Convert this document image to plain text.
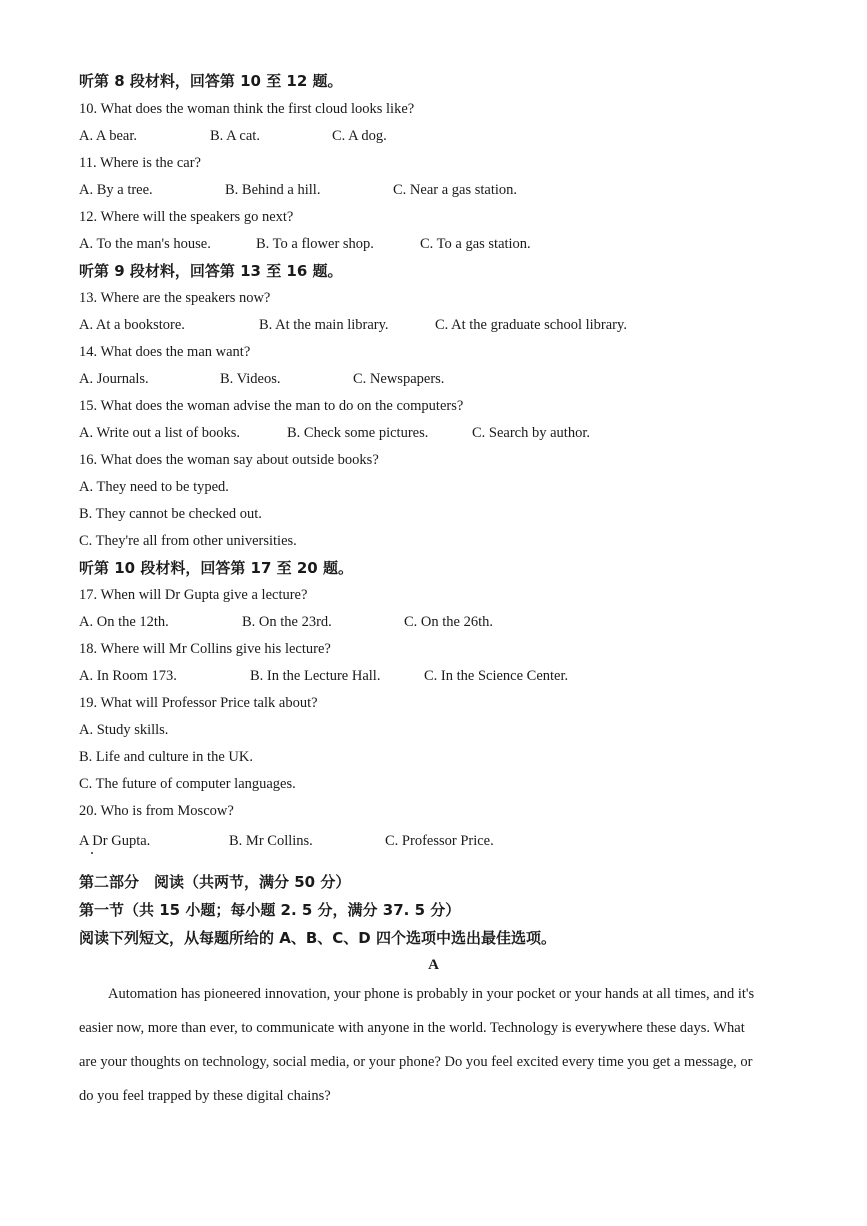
听第 8 段材料，回答第 10 至 12 题。
10. What does the woman think the first cloud looks like?
A. A bear.	B. A cat.	C. A dog.
11. Where is the car?
A. By a tree.	B. Behind a hill.	C. Near a gas station.
12. Where will the speakers go next?
A. To the man's house.	B. To a flower shop.	C. To a gas station.
听第 9 段材料，回答第 13 至 16 题。
13. Where are the speakers now?
A. At a bookstore.	B. At the main library.	C. At the graduate school library.
14. What does the man want?
A. Journals.	B. Videos.	C. Newspapers.
15. What does the woman advise the man to do on the computers?
A. Write out a list of books.	B. Check some pictures.	C. Search by author.
16. What does the woman say about outside books?
A. They need to be typed.
B. They cannot be checked out.
C. They're all from other universities.
听第 10 段材料，回答第 17 至 20 题。
17. When will Dr Gupta give a lecture?
A. On the 12th.	B. On the 23rd.	C. On the 26th.
18. Where will Mr Collins give his lecture?
A. In Room 173.	B. In the Lecture Hall.	C. In the Science Center.
19. What will Professor Price talk about?
A. Study skills.
B. Life and culture in the UK.
C. The future of computer languages.
20. Who is from Moscow?
A Dr Gupta.	B. Mr Collins.	C. Professor Price.
第二部分　阅读（共两节，满分 50 分）
第一节（共 15 小题；每小题 2. 5 分，满分 37. 5 分）
阅读下列短文，从每题所给的 A、B、C、D 四个选项中选出最佳选项。
A
Automation has pioneered innovation, your phone is probably in your pocket or your hands at all times, and it's
easier now, more than ever, to communicate with anyone in the world. Technology is everywhere these days. What
are your thoughts on technology, social media, or your phone? Do you feel excited every time you get a message, or
do you feel trapped by these digital chains?
